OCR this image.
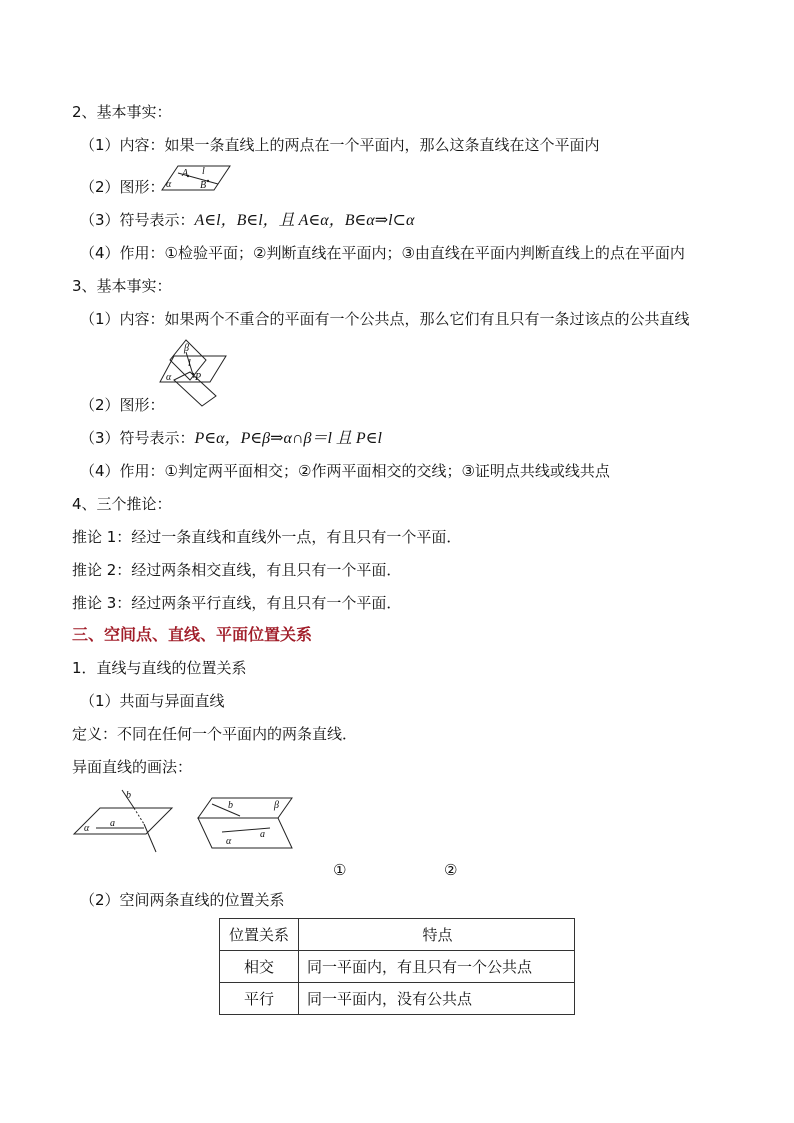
2、基本事实：
（1）内容：如果一条直线上的两点在一个平面内，那么这条直线在这个平面内
（2）图形： α
A
B
l
（3）符号表示：A∈l，B∈l，且 A∈α，B∈α⇒l⊂α
（4）作用：①检验平面；②判断直线在平面内；③由直线在平面内判断直线上的点在平面内
3、基本事实：
（1）内容：如果两个不重合的平面有一个公共点，那么它们有且只有一条过该点的公共直线
β
l
α P
（2）图形：
（3）符号表示：P∈α，P∈β⇒α∩β＝l 且 P∈l
（4）作用：①判定两平面相交；②作两平面相交的交线；③证明点共线或线共点
4、三个推论：
推论 1：经过一条直线和直线外一点，有且只有一个平面．
推论 2：经过两条相交直线，有且只有一个平面．
推论 3：经过两条平行直线，有且只有一个平面．
三、空间点、直线、平面位置关系
1．直线与直线的位置关系
（1）共面与异面直线
定义：不同在任何一个平面内的两条直线．
异面直线的画法：
α a
b
b	β
a
α
①	②
（2）空间两条直线的位置关系
位置关系	特点
相交	同一平面内，有且只有一个公共点
平行	同一平面内，没有公共点
